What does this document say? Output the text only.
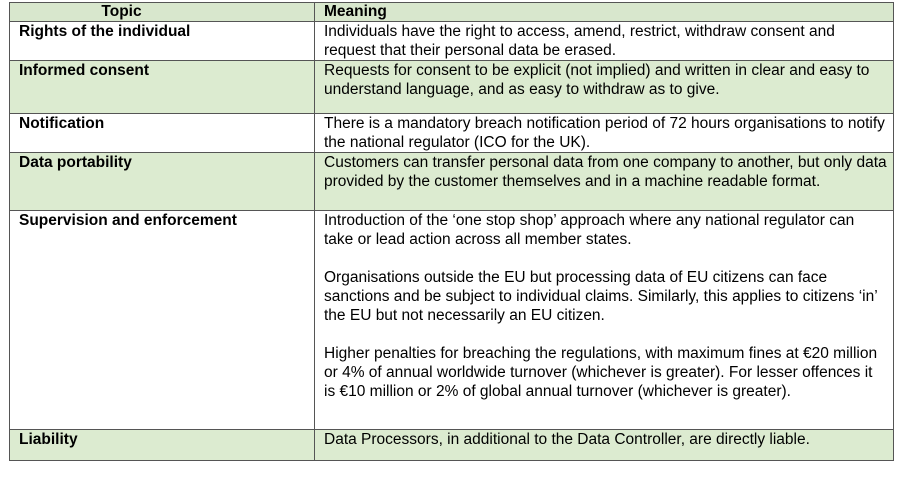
Topic	Meaning
Rights of the individual	Individuals have the right to access, amend, restrict, withdraw consent and request that their personal data be erased.

Informed consent	Requests for consent to be explicit (not implied) and written in clear and easy to understand language, and as easy to withdraw as to give.

Notification	There is a mandatory breach notification period of 72 hours organisations to notify the national regulator (ICO for the UK).

Data portability	Customers can transfer personal data from one company to another, but only data provided by the customer themselves and in a machine readable format.

Supervision and enforcement	Introduction of the ‘one stop shop’ approach where any national regulator can take or lead action across all member states.

Organisations outside the EU but processing data of EU citizens can face sanctions and be subject to individual claims. Similarly, this applies to citizens ‘in’ the EU but not necessarily an EU citizen.

Higher penalties for breaching the regulations, with maximum fines at €20 million or 4% of annual worldwide turnover (whichever is greater). For lesser offences it is €10 million or 2% of global annual turnover (whichever is greater).

Liability	Data Processors, in additional to the Data Controller, are directly liable.
